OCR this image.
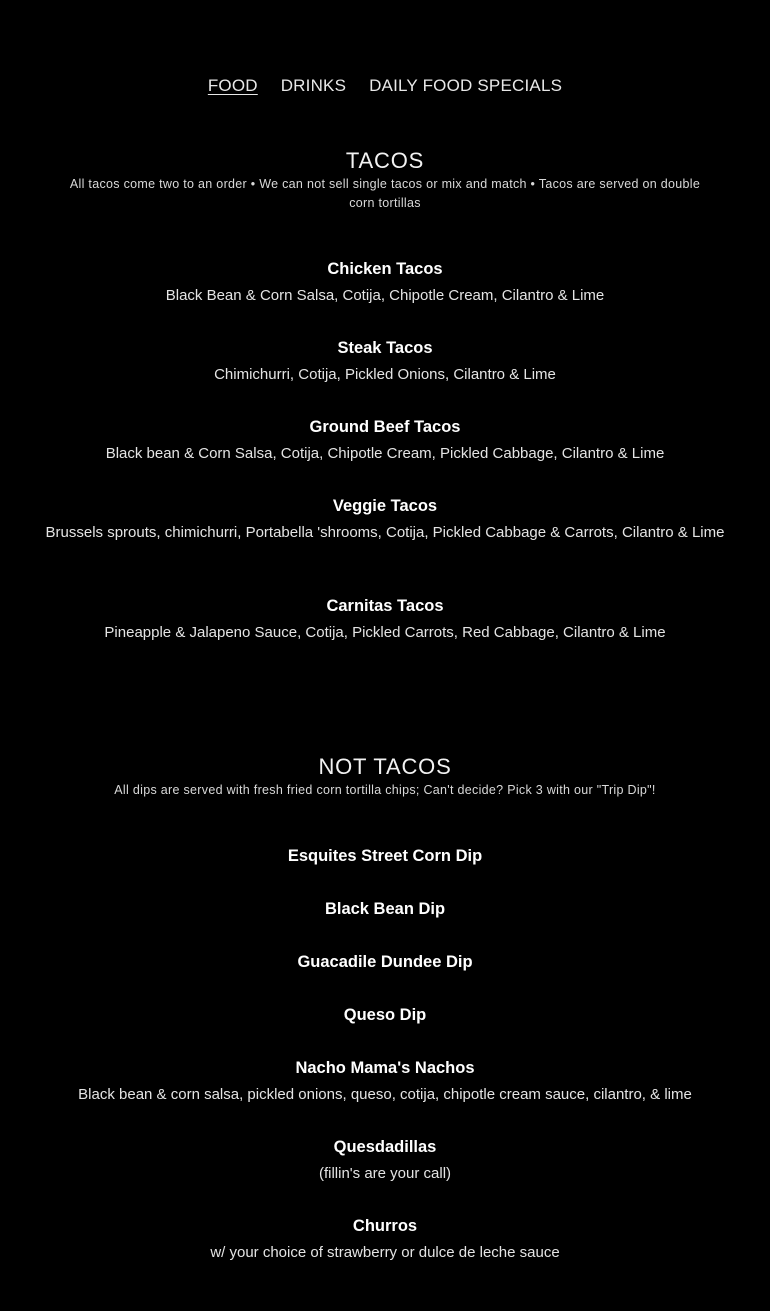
FOOD DRINKS DAILY FOOD SPECIALS
TACOS

All tacos come two to an order • We can not sell single tacos or mix and match • Tacos are served on double corn tortillas

Chicken Tacos

Black Bean & Corn Salsa, Cotija, Chipotle Cream, Cilantro & Lime

Steak Tacos

Chimichurri, Cotija, Pickled Onions, Cilantro & Lime

Ground Beef Tacos

Black bean & Corn Salsa, Cotija, Chipotle Cream, Pickled Cabbage, Cilantro & Lime

Veggie Tacos

Brussels sprouts, chimichurri, Portabella 'shrooms, Cotija, Pickled Cabbage & Carrots, Cilantro & Lime

Carnitas Tacos

Pineapple & Jalapeno Sauce, Cotija, Pickled Carrots, Red Cabbage, Cilantro & Lime

NOT TACOS

All dips are served with fresh fried corn tortilla chips; Can't decide? Pick 3 with our "Trip Dip"!

Esquites Street Corn Dip

Black Bean Dip

Guacadile Dundee Dip

Queso Dip

Nacho Mama's Nachos

Black bean & corn salsa, pickled onions, queso, cotija, chipotle cream sauce, cilantro, & lime

Quesdadillas

(fillin's are your call)

Churros

w/ your choice of strawberry or dulce de leche sauce
